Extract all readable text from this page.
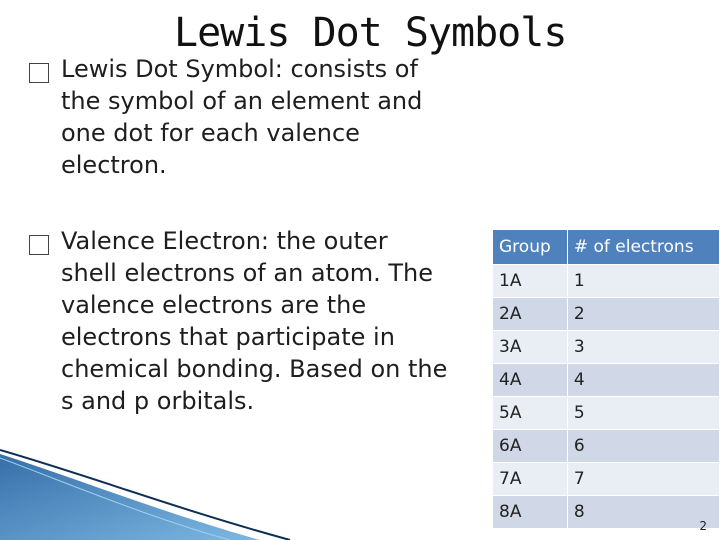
Lewis Dot Symbols
Lewis Dot Symbol: consists of
the symbol of an element and
one dot for each valence
electron.
Valence Electron: the outer
shell electrons of an atom. The
valence electrons are the
electrons that participate in
chemical bonding. Based on the
s and p orbitals.
Group	# of electrons
1A	1
2A	2
3A	3
4A	4
5A	5
6A	6
7A	7
8A	8
2
